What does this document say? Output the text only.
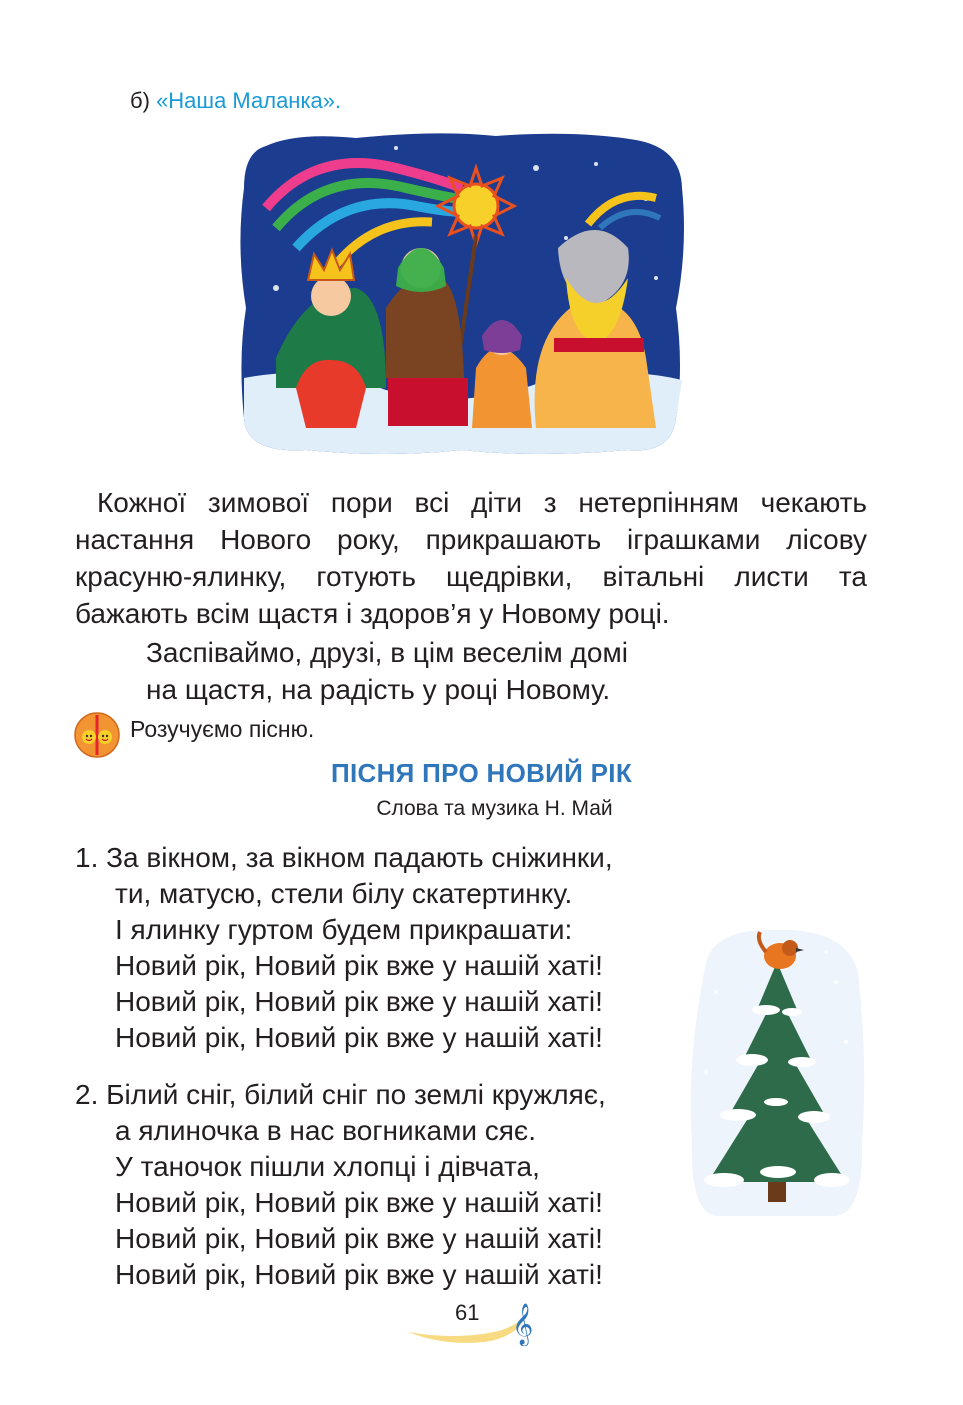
б) «Наша Маланка».

Кожної зимової пори всі діти з нетерпінням чекають настання Нового року, прикрашають іграшками лісову красуню-ялинку, готують щедрівки, вітальні листи та бажають всім щастя і здоров’я у Новому році.

Заспіваймо, друзі, в цім веселім домі
на щастя, на радість у році Новому.
Розучуємо пісню.
ПІСНЯ ПРО НОВИЙ РІК
Слова та музика Н. Май
1. За вікном, за вікном падають сніжинки,
ти, матусю, стели білу скатертинку.
І ялинку гуртом будем прикрашати:
Новий рік, Новий рік вже у нашій хаті!
Новий рік, Новий рік вже у нашій хаті!
Новий рік, Новий рік вже у нашій хаті!
2. Білий сніг, білий сніг по землі кружляє,
а ялиночка в нас вогниками сяє.
У таночок пішли хлопці і дівчата,
Новий рік, Новий рік вже у нашій хаті!
Новий рік, Новий рік вже у нашій хаті!
Новий рік, Новий рік вже у нашій хаті!
𝄞
61
